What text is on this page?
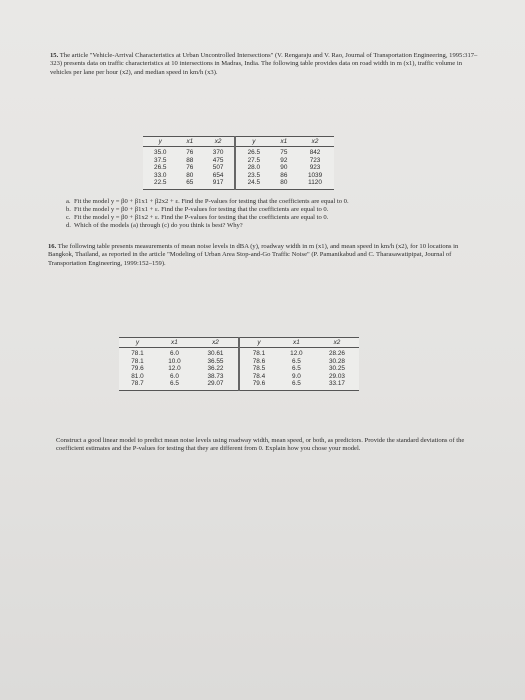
15. The article "Vehicle-Arrival Characteristics at Urban Uncontrolled Intersections" (V. Rengaraju and V. Rao, Journal of Transportation Engineering, 1995:317–323) presents data on traffic characteristics at 10 intersections in Madras, India. The following table provides data on road width in m (x1), traffic volume in vehicles per lane per hour (x2), and median speed in km/h (x3).
y	x1	x2	y	x1	x2
35.0	76	370	26.5	75	842
37.5	88	475	27.5	92	723
26.5	76	507	28.0	90	923
33.0	80	654	23.5	86	1039
22.5	65	917	24.5	80	1120
a. Fit the model y = β0 + β1x1 + β2x2 + ε. Find the P-values for testing that the coefficients are equal to 0.
b. Fit the model y = β0 + β1x1 + ε. Find the P-values for testing that the coefficients are equal to 0.
c. Fit the model y = β0 + β1x2 + ε. Find the P-values for testing that the coefficients are equal to 0.
d. Which of the models (a) through (c) do you think is best? Why?
16. The following table presents measurements of mean noise levels in dBA (y), roadway width in m (x1), and mean speed in km/h (x2), for 10 locations in Bangkok, Thailand, as reported in the article "Modeling of Urban Area Stop-and-Go Traffic Noise" (P. Pamanikabud and C. Tharasawatipipat, Journal of Transportation Engineering, 1999:152–159).
y	x1	x2	y	x1	x2
78.1	6.0	30.61	78.1	12.0	28.26
78.1	10.0	36.55	78.6	6.5	30.28
79.6	12.0	36.22	78.5	6.5	30.25
81.0	6.0	38.73	78.4	9.0	29.03
78.7	6.5	29.07	79.6	6.5	33.17
Construct a good linear model to predict mean noise levels using roadway width, mean speed, or both, as predictors. Provide the standard deviations of the coefficient estimates and the P-values for testing that they are different from 0. Explain how you chose your model.
